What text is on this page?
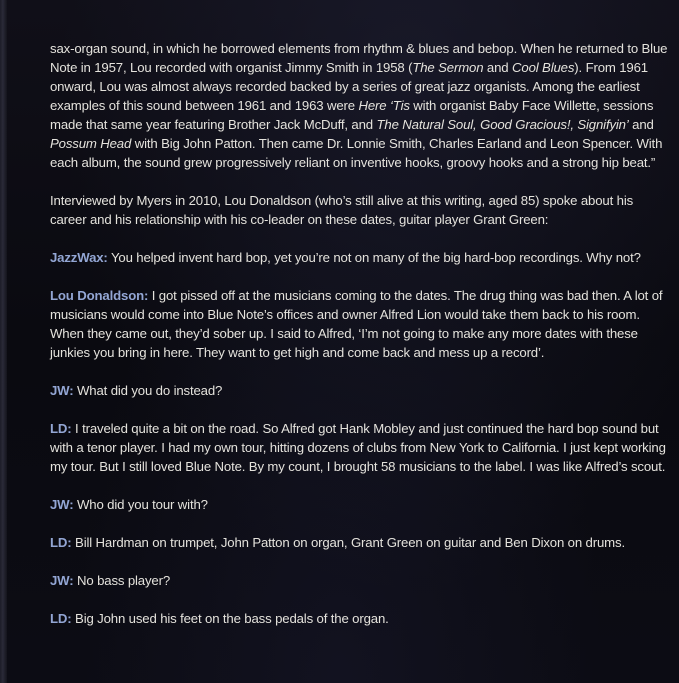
sax-organ sound, in which he borrowed elements from rhythm & blues and bebop. When he returned to Blue Note in 1957, Lou recorded with organist Jimmy Smith in 1958 (The Sermon and Cool Blues). From 1961 onward, Lou was almost always recorded backed by a series of great jazz organists. Among the earliest examples of this sound between 1961 and 1963 were Here ‘Tis with organist Baby Face Willette, sessions made that same year featuring Brother Jack McDuff, and The Natural Soul, Good Gracious!, Signifyin’ and Possum Head with Big John Patton. Then came Dr. Lonnie Smith, Charles Earland and Leon Spencer. With each album, the sound grew progressively reliant on inventive hooks, groovy hooks and a strong hip beat.”

Interviewed by Myers in 2010, Lou Donaldson (who’s still alive at this writing, aged 85) spoke about his career and his relationship with his co-leader on these dates, guitar player Grant Green:

JazzWax: You helped invent hard bop, yet you’re not on many of the big hard-bop recordings. Why not?

Lou Donaldson: I got pissed off at the musicians coming to the dates. The drug thing was bad then. A lot of musicians would come into Blue Note’s offices and owner Alfred Lion would take them back to his room. When they came out, they’d sober up. I said to Alfred, ‘I’m not going to make any more dates with these junkies you bring in here. They want to get high and come back and mess up a record’.

JW: What did you do instead?

LD: I traveled quite a bit on the road. So Alfred got Hank Mobley and just continued the hard bop sound but with a tenor player. I had my own tour, hitting dozens of clubs from New York to California. I just kept working my tour. But I still loved Blue Note. By my count, I brought 58 musicians to the label. I was like Alfred’s scout.

JW: Who did you tour with?

LD: Bill Hardman on trumpet, John Patton on organ, Grant Green on guitar and Ben Dixon on drums.

JW: No bass player?

LD: Big John used his feet on the bass pedals of the organ.
